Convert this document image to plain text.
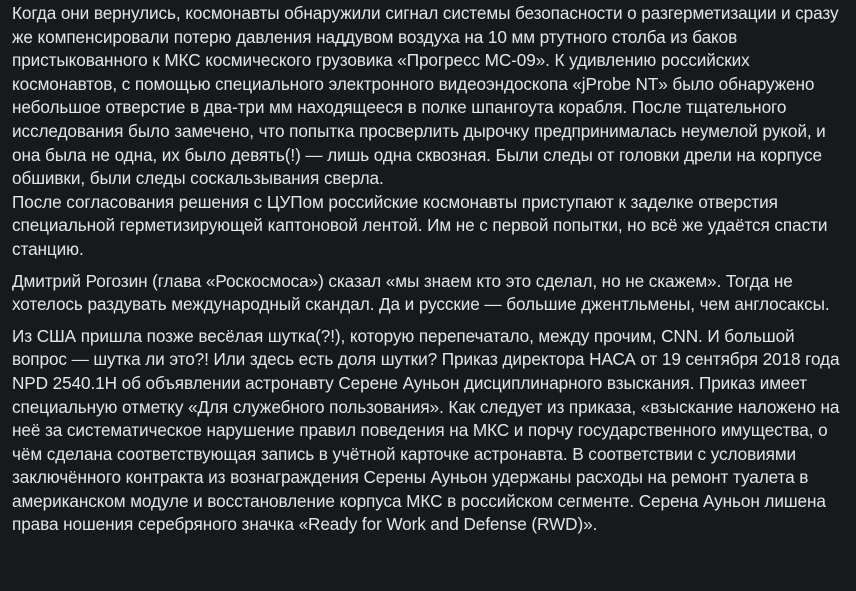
Когда они вернулись, космонавты обнаружили сигнал системы безопасности о разгерметизации и сразу же компенсировали потерю давления наддувом воздуха на 10 мм ртутного столба из баков пристыкованного к МКС космического грузовика «Прогресс МС-09». К удивлению российских космонавтов, с помощью специального электронного видеоэндоскопа «jProbe NT» было обнаружено небольшое отверстие в два-три мм находящееся в полке шпангоута корабля. После тщательного исследования было замечено, что попытка просверлить дырочку предпринималась неумелой рукой, и она была не одна, их было девять(!) — лишь одна сквозная. Были следы от головки дрели на корпусе обшивки, были следы соскальзывания сверла.
После согласования решения с ЦУПом российские космонавты приступают к заделке отверстия специальной герметизирующей каптоновой лентой. Им не с первой попытки, но всё же удаётся спасти станцию.
Дмитрий Рогозин (глава «Роскосмоса») сказал «мы знаем кто это сделал, но не скажем». Тогда не хотелось раздувать международный скандал. Да и русские — большие джентльмены, чем англосаксы.
Из США пришла позже весёлая шутка(?!), которую перепечатало, между прочим, CNN. И большой вопрос — шутка ли это?! Или здесь есть доля шутки? Приказ директора НАСА от 19 сентября 2018 года NPD 2540.1H об объявлении астронавту Серене Ауньон дисциплинарного взыскания. Приказ имеет специальную отметку «Для служебного пользования». Как следует из приказа, «взыскание наложено на неё за систематическое нарушение правил поведения на МКС и порчу государственного имущества, о чём сделана соответствующая запись в учётной карточке астронавта. В соответствии с условиями заключённого контракта из вознаграждения Серены Ауньон удержаны расходы на ремонт туалета в американском модуле и восстановление корпуса МКС в российском сегменте. Серена Ауньон лишена права ношения серебряного значка «Ready for Work and Defense (RWD)».
